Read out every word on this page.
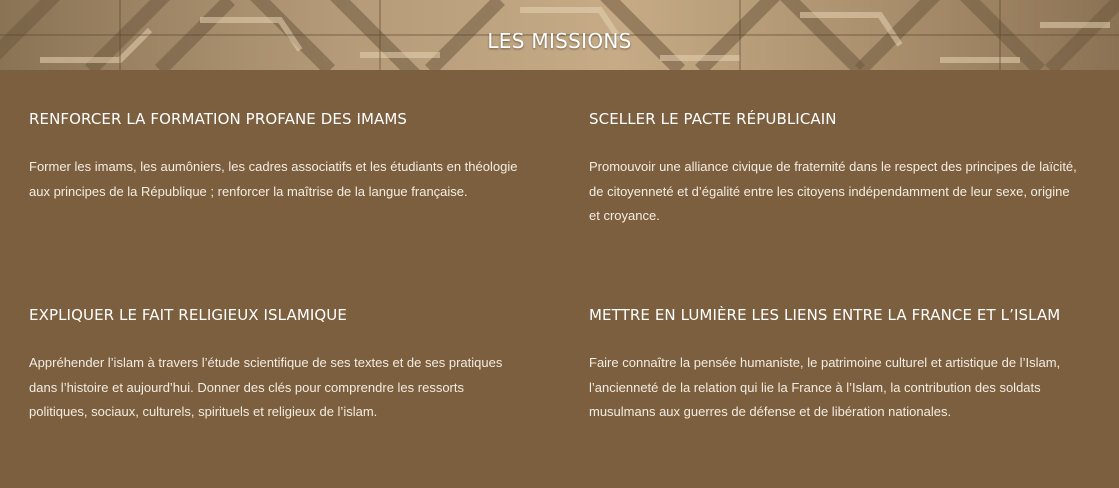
LES MISSIONS
RENFORCER LA FORMATION PROFANE DES IMAMS

Former les imams, les aumôniers, les cadres associatifs et les étudiants en théologie aux principes de la République ; renforcer la maîtrise de la langue française.

SCELLER LE PACTE RÉPUBLICAIN

Promouvoir une alliance civique de fraternité dans le respect des principes de laïcité, de citoyenneté et d’égalité entre les citoyens indépendamment de leur sexe, origine et croyance.

EXPLIQUER LE FAIT RELIGIEUX ISLAMIQUE

Appréhender l’islam à travers l’étude scientifique de ses textes et de ses pratiques dans l’histoire et aujourd’hui. Donner des clés pour comprendre les ressorts politiques, sociaux, culturels, spirituels et religieux de l’islam.

METTRE EN LUMIÈRE LES LIENS ENTRE LA FRANCE ET L’ISLAM

Faire connaître la pensée humaniste, le patrimoine culturel et artistique de l’Islam, l’ancienneté de la relation qui lie la France à l’Islam, la contribution des soldats musulmans aux guerres de défense et de libération nationales.
